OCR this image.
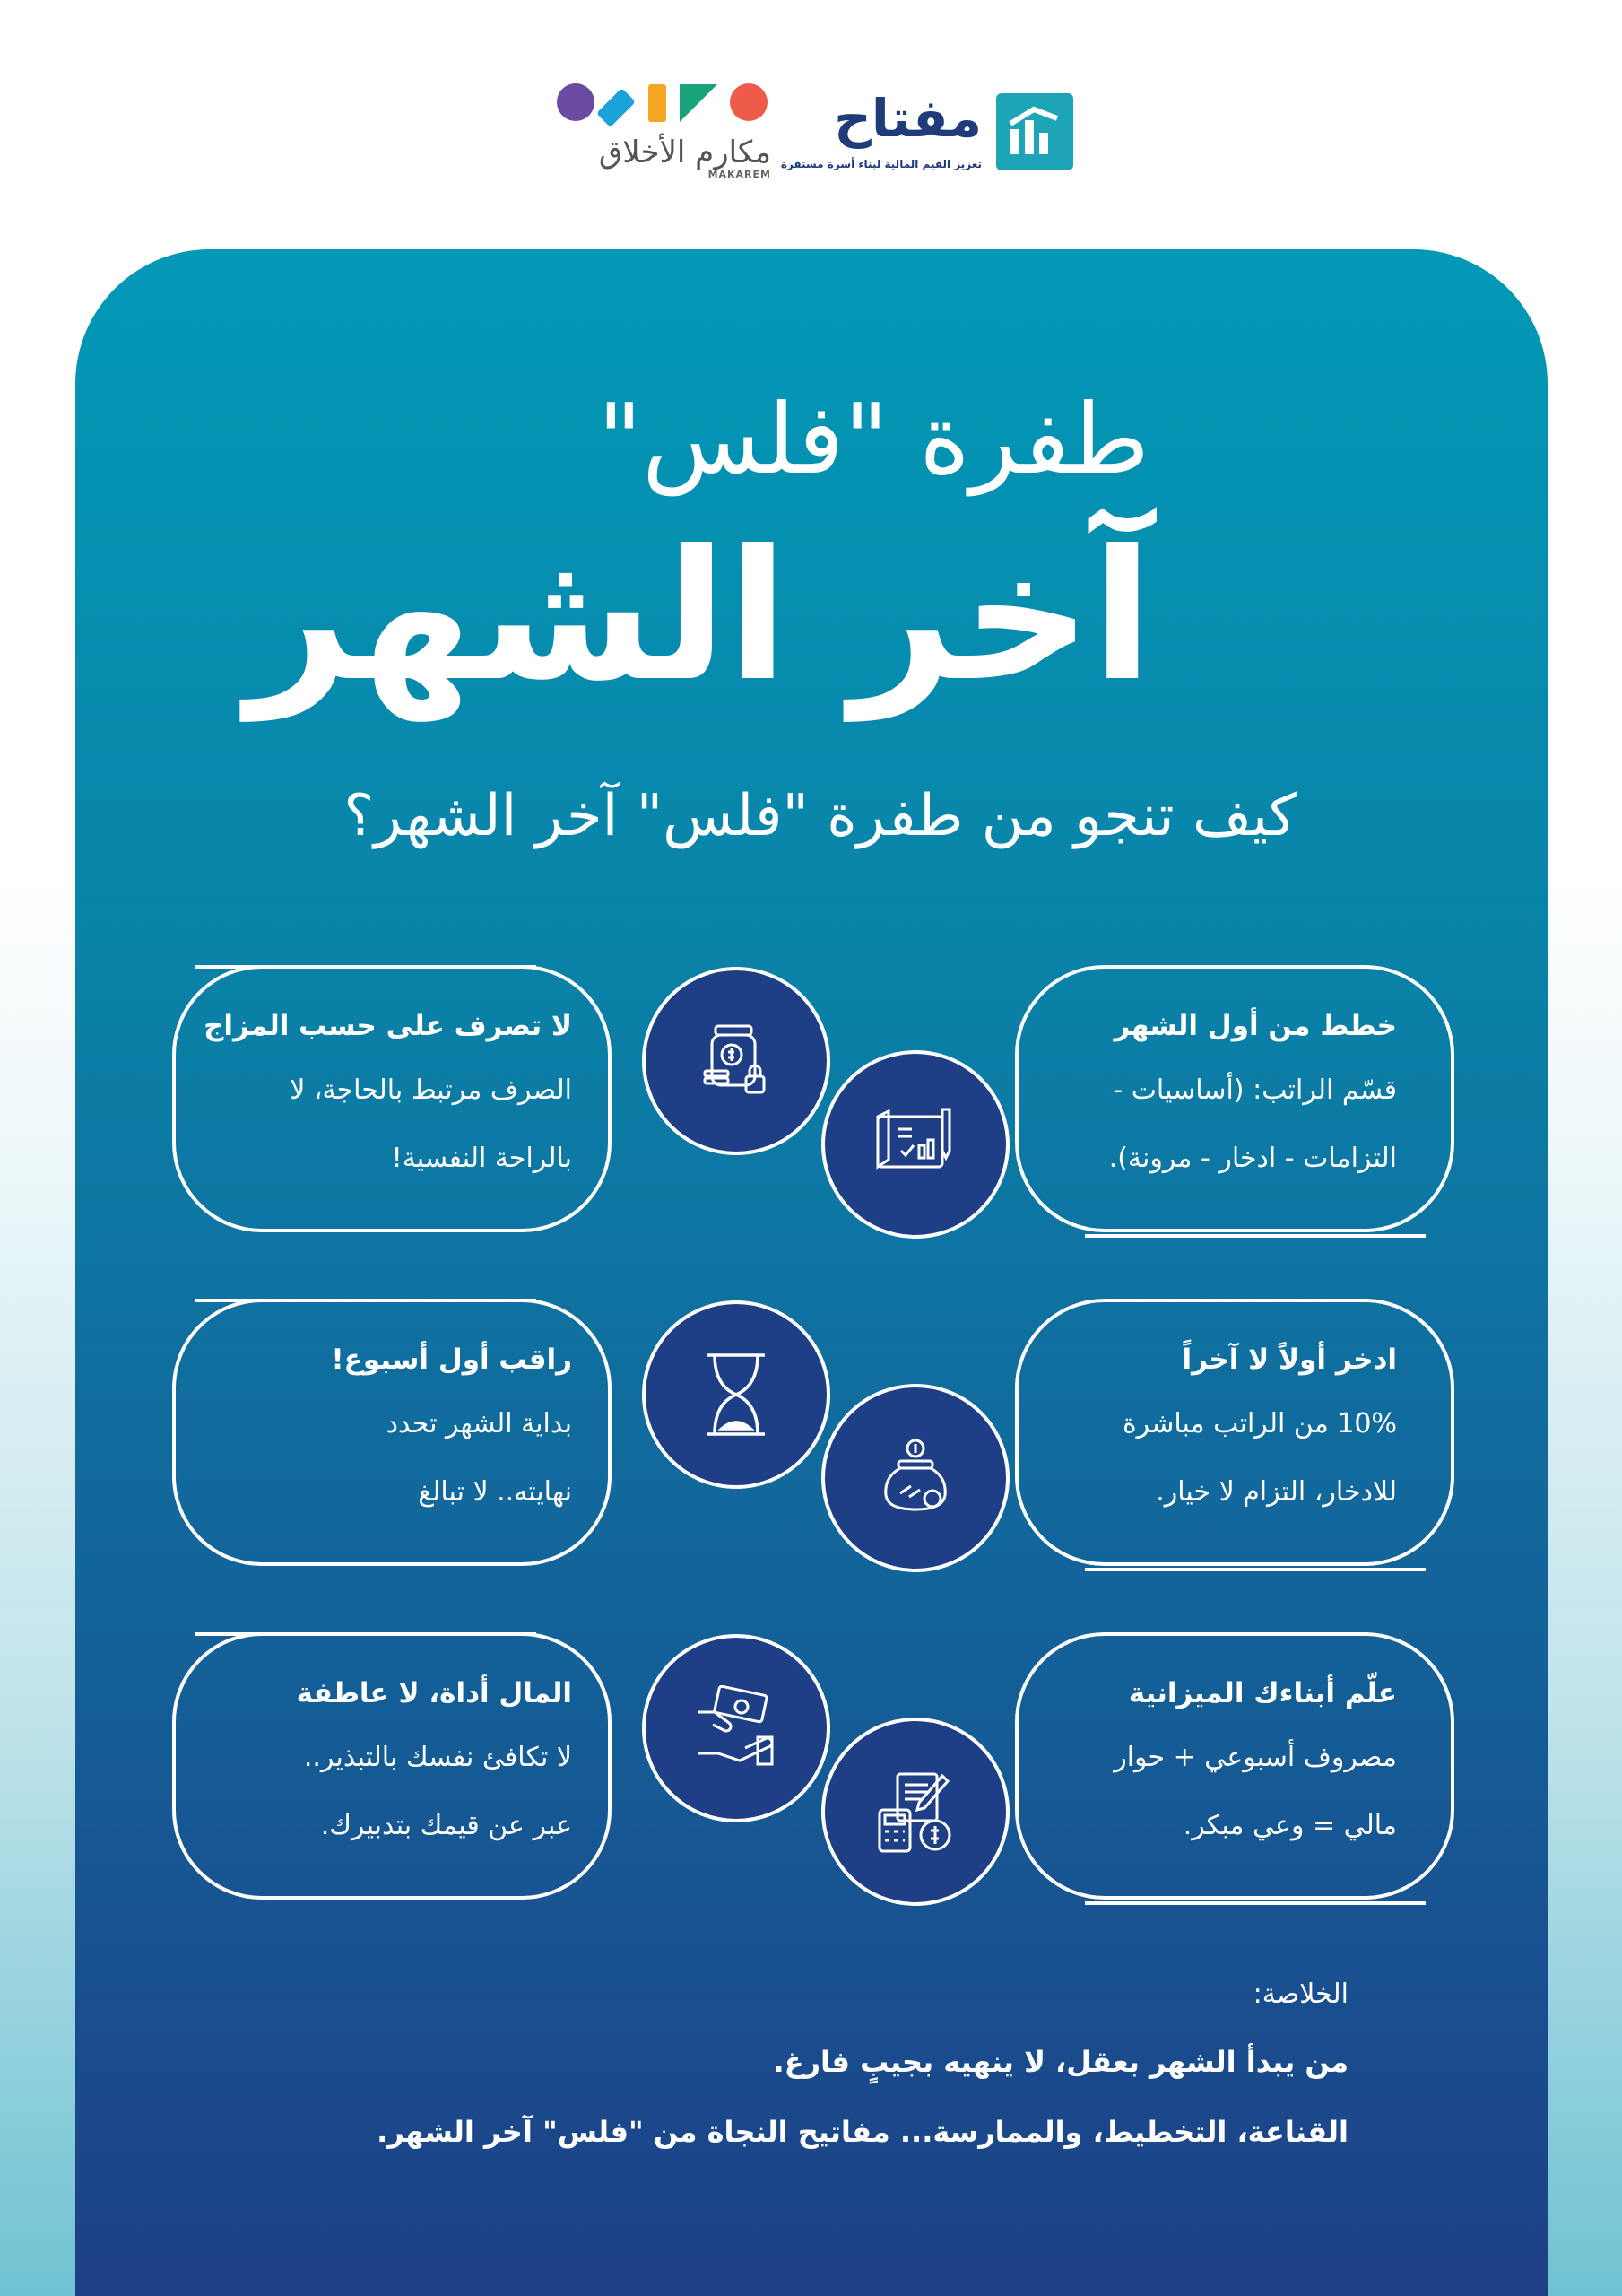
مفتاح
تعزيز القيم المالية لبناء أسرة مستقرة
مكارم الأخلاق
MAKAREM
طفرة "فلس"
آخر الشهر
كيف تنجو من طفرة "فلس" آخر الشهر؟
خطط من أول الشهر
قسّم الراتب: (أساسيات -
التزامات - ادخار - مرونة).
لا تصرف على حسب المزاج
الصرف مرتبط بالحاجة، لا
بالراحة النفسية!
ادخر أولاً لا آخراً
10% من الراتب مباشرة
للادخار، التزام لا خيار.
راقب أول أسبوع!
بداية الشهر تحدد
نهايته.. لا تبالغ
علّم أبناءك الميزانية
مصروف أسبوعي + حوار
مالي = وعي مبكر.
المال أداة، لا عاطفة
لا تكافئ نفسك بالتبذير..
عبر عن قيمك بتدبيرك.
الخلاصة:
من يبدأ الشهر بعقل، لا ينهيه بجيبٍ فارغ.
القناعة، التخطيط، والممارسة... مفاتيح النجاة من "فلس" آخر الشهر.
